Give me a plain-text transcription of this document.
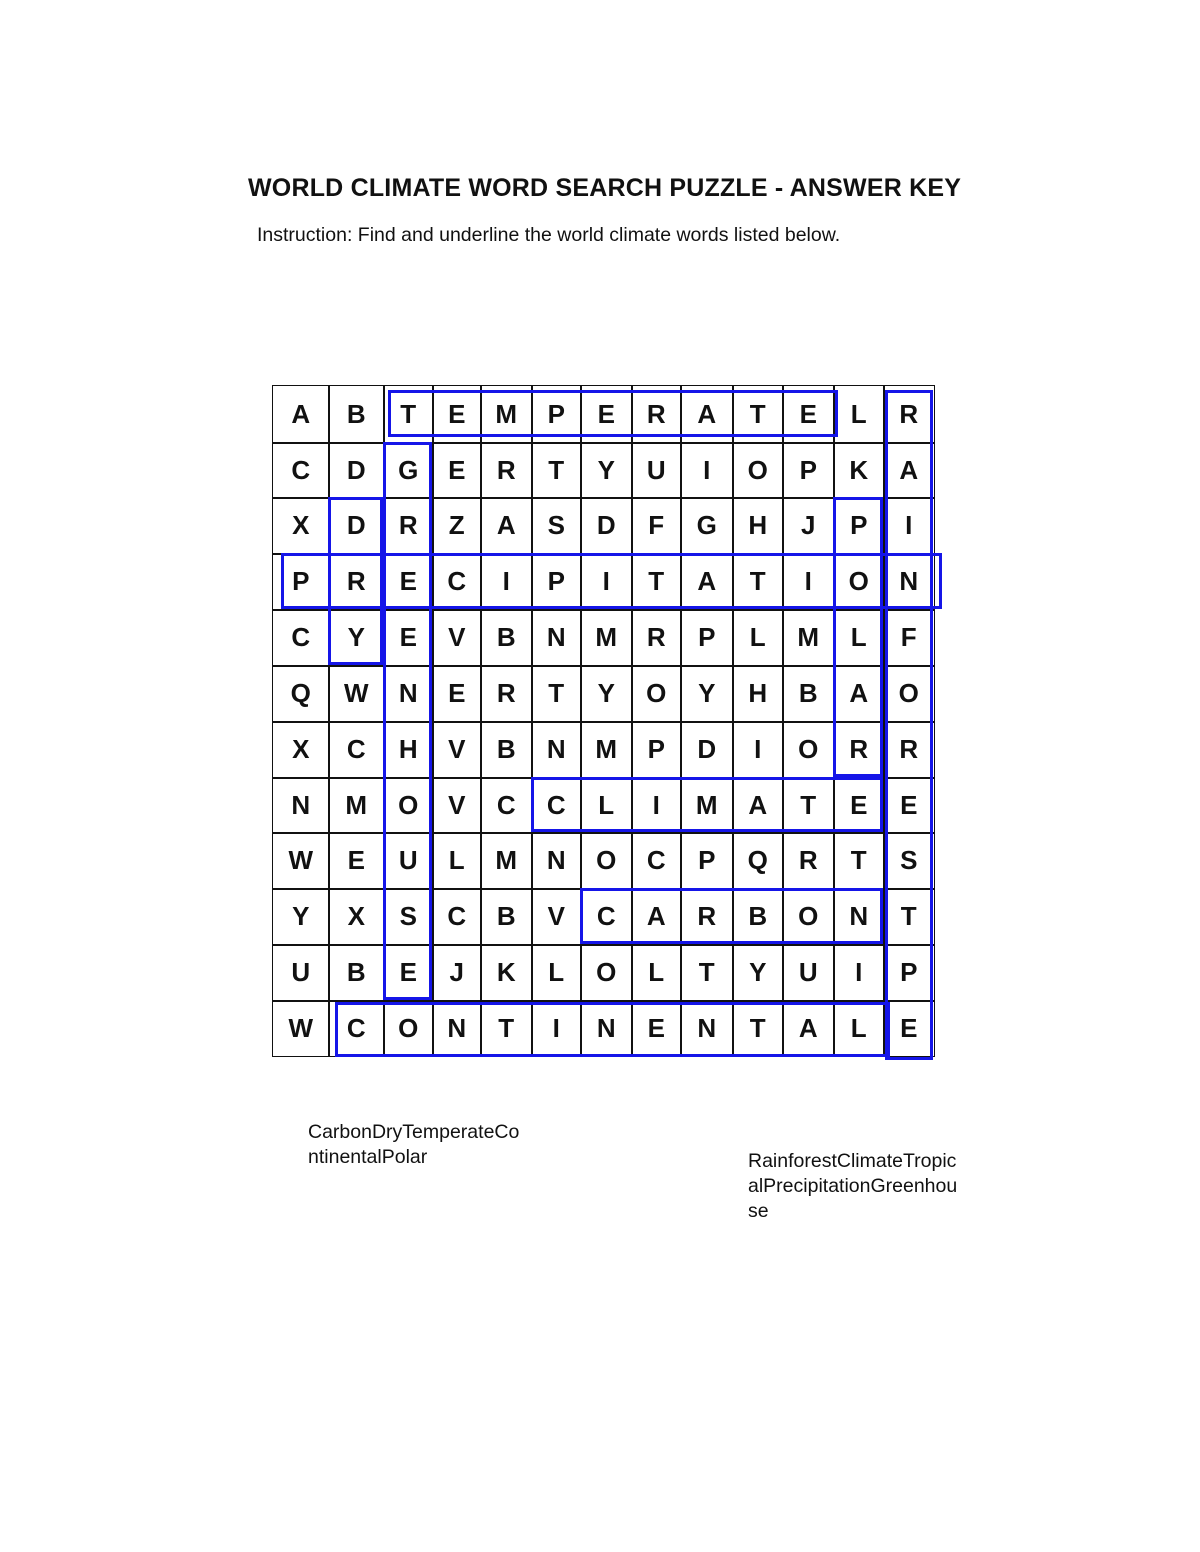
WORLD CLIMATE WORD SEARCH PUZZLE - ANSWER KEY
Instruction: Find and underline the world climate words listed below.
A	B	T	E	M	P	E	R	A	T	E	L	R
C	D	G	E	R	T	Y	U	I	O	P	K	A
X	D	R	Z	A	S	D	F	G	H	J	P	I
P	R	E	C	I	P	I	T	A	T	I	O	N
C	Y	E	V	B	N	M	R	P	L	M	L	F
Q	W	N	E	R	T	Y	O	Y	H	B	A	O
X	C	H	V	B	N	M	P	D	I	O	R	R
N	M	O	V	C	C	L	I	M	A	T	E	E
W	E	U	L	M	N	O	C	P	Q	R	T	S
Y	X	S	C	B	V	C	A	R	B	O	N	T
U	B	E	J	K	L	O	L	T	Y	U	I	P
W	C	O	N	T	I	N	E	N	T	A	L	E
CarbonDryTemperateContinentalPolar	RainforestClimateTropicalPrecipitationGreenhouse
